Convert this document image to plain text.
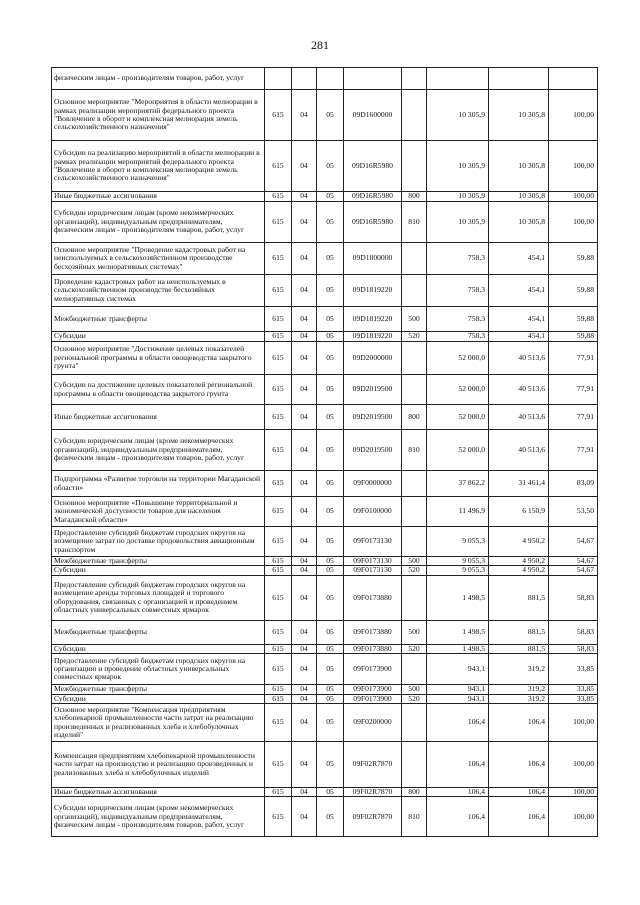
281
физическим лицам - производителям товаров, работ, услуг								
Основное мероприятие "Мероприятия в области мелиорации в рамках реализации мероприятий федерального проекта "Вовлечение в оборот и комплексная мелиорация земель сельскохозяйственного назначения"	615	04	05	09D1600000		10 305,9	10 305,8	100,00
Субсидии на реализацию мероприятий в области мелиорации в рамках реализации мероприятий федерального проекта "Вовлечение в оборот и комплексная мелиорация земель сельскохозяйственного назначения"	615	04	05	09D16R5980		10 305,9	10 305,8	100,00
Иные бюджетные ассигнования	615	04	05	09D16R5980	800	10 305,9	10 305,8	100,00
Субсидии юридическим лицам (кроме некоммерческих организаций), индивидуальным предпринимателям, физическим лицам - производителям товаров, работ, услуг	615	04	05	09D16R5980	810	10 305,9	10 305,8	100,00
Основное мероприятие "Проведение кадастровых работ на неиспользуемых в сельскохозяйственном производстве бесхозяйных мелиоративных системах"	615	04	05	09D1800000		758,3	454,1	59,88
Проведение кадастровых работ на неиспользуемых в сельскохозяйственном производстве бесхозяйных мелиоративных системах	615	04	05	09D1819220		758,3	454,1	59,88
Межбюджетные трансферты	615	04	05	09D1819220	500	758,3	454,1	59,88
Субсидии	615	04	05	09D1819220	520	758,3	454,1	59,88
Основное мероприятие "Достижение целевых показателей региональной программы в области овощеводства закрытого грунта"	615	04	05	09D2000000		52 000,0	40 513,6	77,91
Субсидии на достижение целевых показателей региональной программы в области овощеводства закрытого грунта	615	04	05	09D2019500		52 000,0	40 513,6	77,91
Иные бюджетные ассигнования	615	04	05	09D2019500	800	52 000,0	40 513,6	77,91
Субсидии юридическим лицам (кроме некоммерческих организаций), индивидуальным предпринимателям, физическим лицам - производителям товаров, работ, услуг	615	04	05	09D2019500	810	52 000,0	40 513,6	77,91
Подпрограмма «Развитие торговли на территории Магаданской области»	615	04	05	09F0000000		37 862,2	31 461,4	83,09
Основное мероприятие «Повышение территориальной и экономической доступности товаров для населения Магаданской области»	615	04	05	09F0100000		11 496,9	6 150,9	53,50
Предоставление субсидий бюджетам городских округов на возмещение затрат по доставке продовольствия авиационным транспортом	615	04	05	09F0173130		9 055,3	4 950,2	54,67
Межбюджетные трансферты	615	04	05	09F0173130	500	9 055,3	4 950,2	54,67
Субсидии	615	04	05	09F0173130	520	9 055,3	4 950,2	54,67
Предоставление субсидий бюджетам городских округов на возмещение аренды торговых площадей и торгового оборудования, связанных с организацией и проведением областных универсальных совместных ярмарок	615	04	05	09F0173880		1 498,5	881,5	58,83
Межбюджетные трансферты	615	04	05	09F0173880	500	1 498,5	881,5	58,83
Субсидии	615	04	05	09F0173880	520	1 498,5	881,5	58,83
Предоставление субсидий бюджетам городских округов на организацию и проведение областных универсальных совместных ярмарок	615	04	05	09F0173900		943,1	319,2	33,85
Межбюджетные трансферты	615	04	05	09F0173900	500	943,1	319,2	33,85
Субсидии	615	04	05	09F0173900	520	943,1	319,2	33,85
Основное мероприятие "Компенсация предприятиям хлебопекарной промышленности части затрат на реализацию произведенных и реализованных хлеба и хлебобулочных изделий"	615	04	05	09F0200000		106,4	106,4	100,00
Компенсация предприятиям хлебопекарной промышленности части затрат на производство и реализацию произведенных и реализованных хлеба и хлебобулочных изделий	615	04	05	09F02R7870		106,4	106,4	100,00
Иные бюджетные ассигнования	615	04	05	09F02R7870	800	106,4	106,4	100,00
Субсидии юридическим лицам (кроме некоммерческих организаций), индивидуальным предпринимателям, физическим лицам - производителям товаров, работ, услуг	615	04	05	09F02R7870	810	106,4	106,4	100,00
